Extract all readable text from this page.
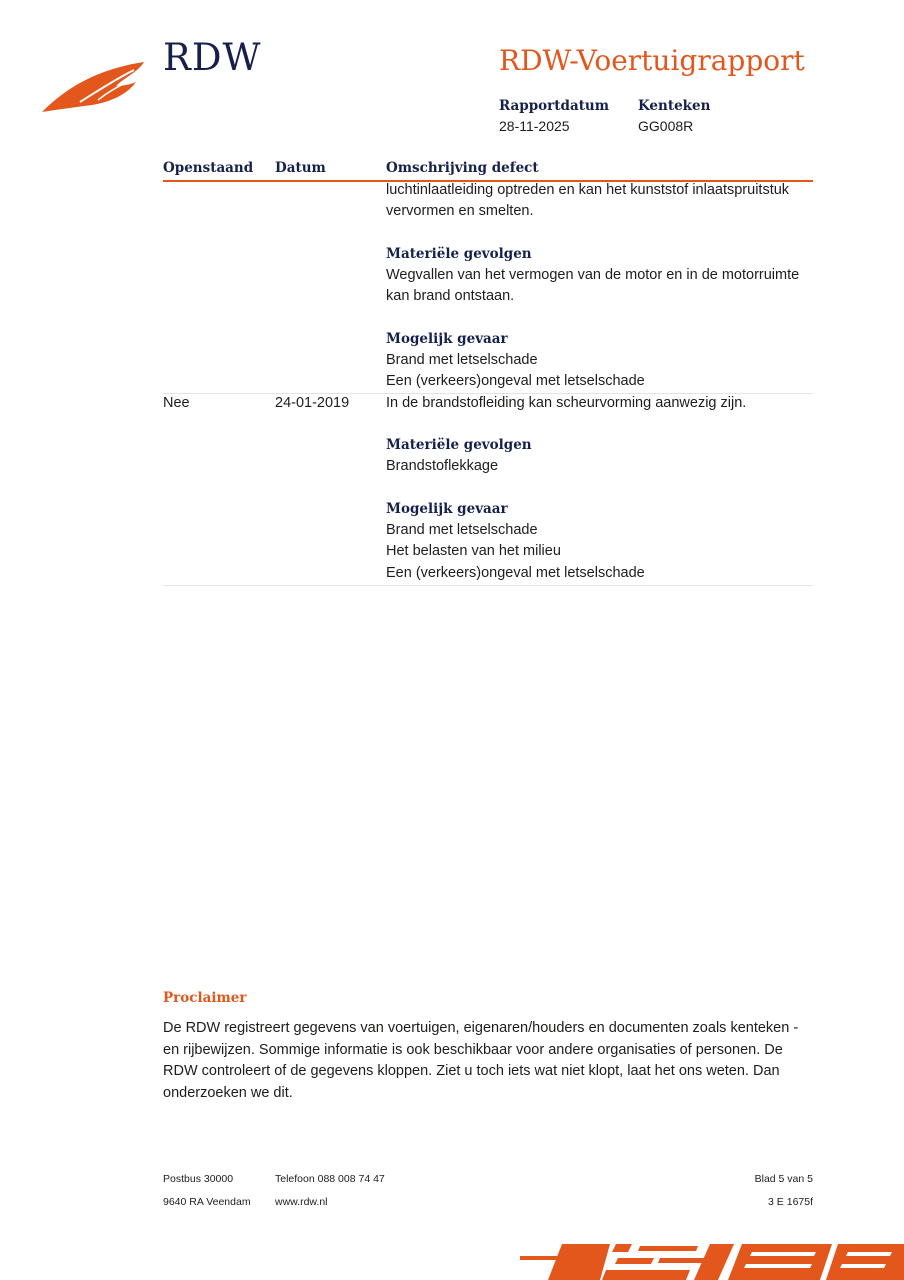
RDW	RDW-Voertuigrapport
Rapportdatum
28-11-2025
Kenteken
GG008R
Openstaand Datum	Omschrijving defect
luchtinlaatleiding optreden en kan het kunststof inlaatspruitstuk
vervormen en smelten.
Materiële gevolgen
Wegvallen van het vermogen van de motor en in de motorruimte
kan brand ontstaan.
Mogelijk gevaar
Brand met letselschade
Een (verkeers)ongeval met letselschade
Nee	24-01-2019	In de brandstofleiding kan scheurvorming aanwezig zijn.
Materiële gevolgen
Brandstoflekkage
Mogelijk gevaar
Brand met letselschade
Het belasten van het milieu
Een (verkeers)ongeval met letselschade
Proclaimer
De RDW registreert gegevens van voertuigen, eigenaren/houders en documenten zoals kenteken - en rijbewijzen. Sommige informatie is ook beschikbaar voor andere organisaties of personen. De RDW controleert of de gegevens kloppen. Ziet u toch iets wat niet klopt, laat het ons weten. Dan onderzoeken we dit.
Postbus 30000
9640 RA Veendam
Telefoon 088 008 74 47
www.rdw.nl
Blad 5 van 5
3 E 1675f
